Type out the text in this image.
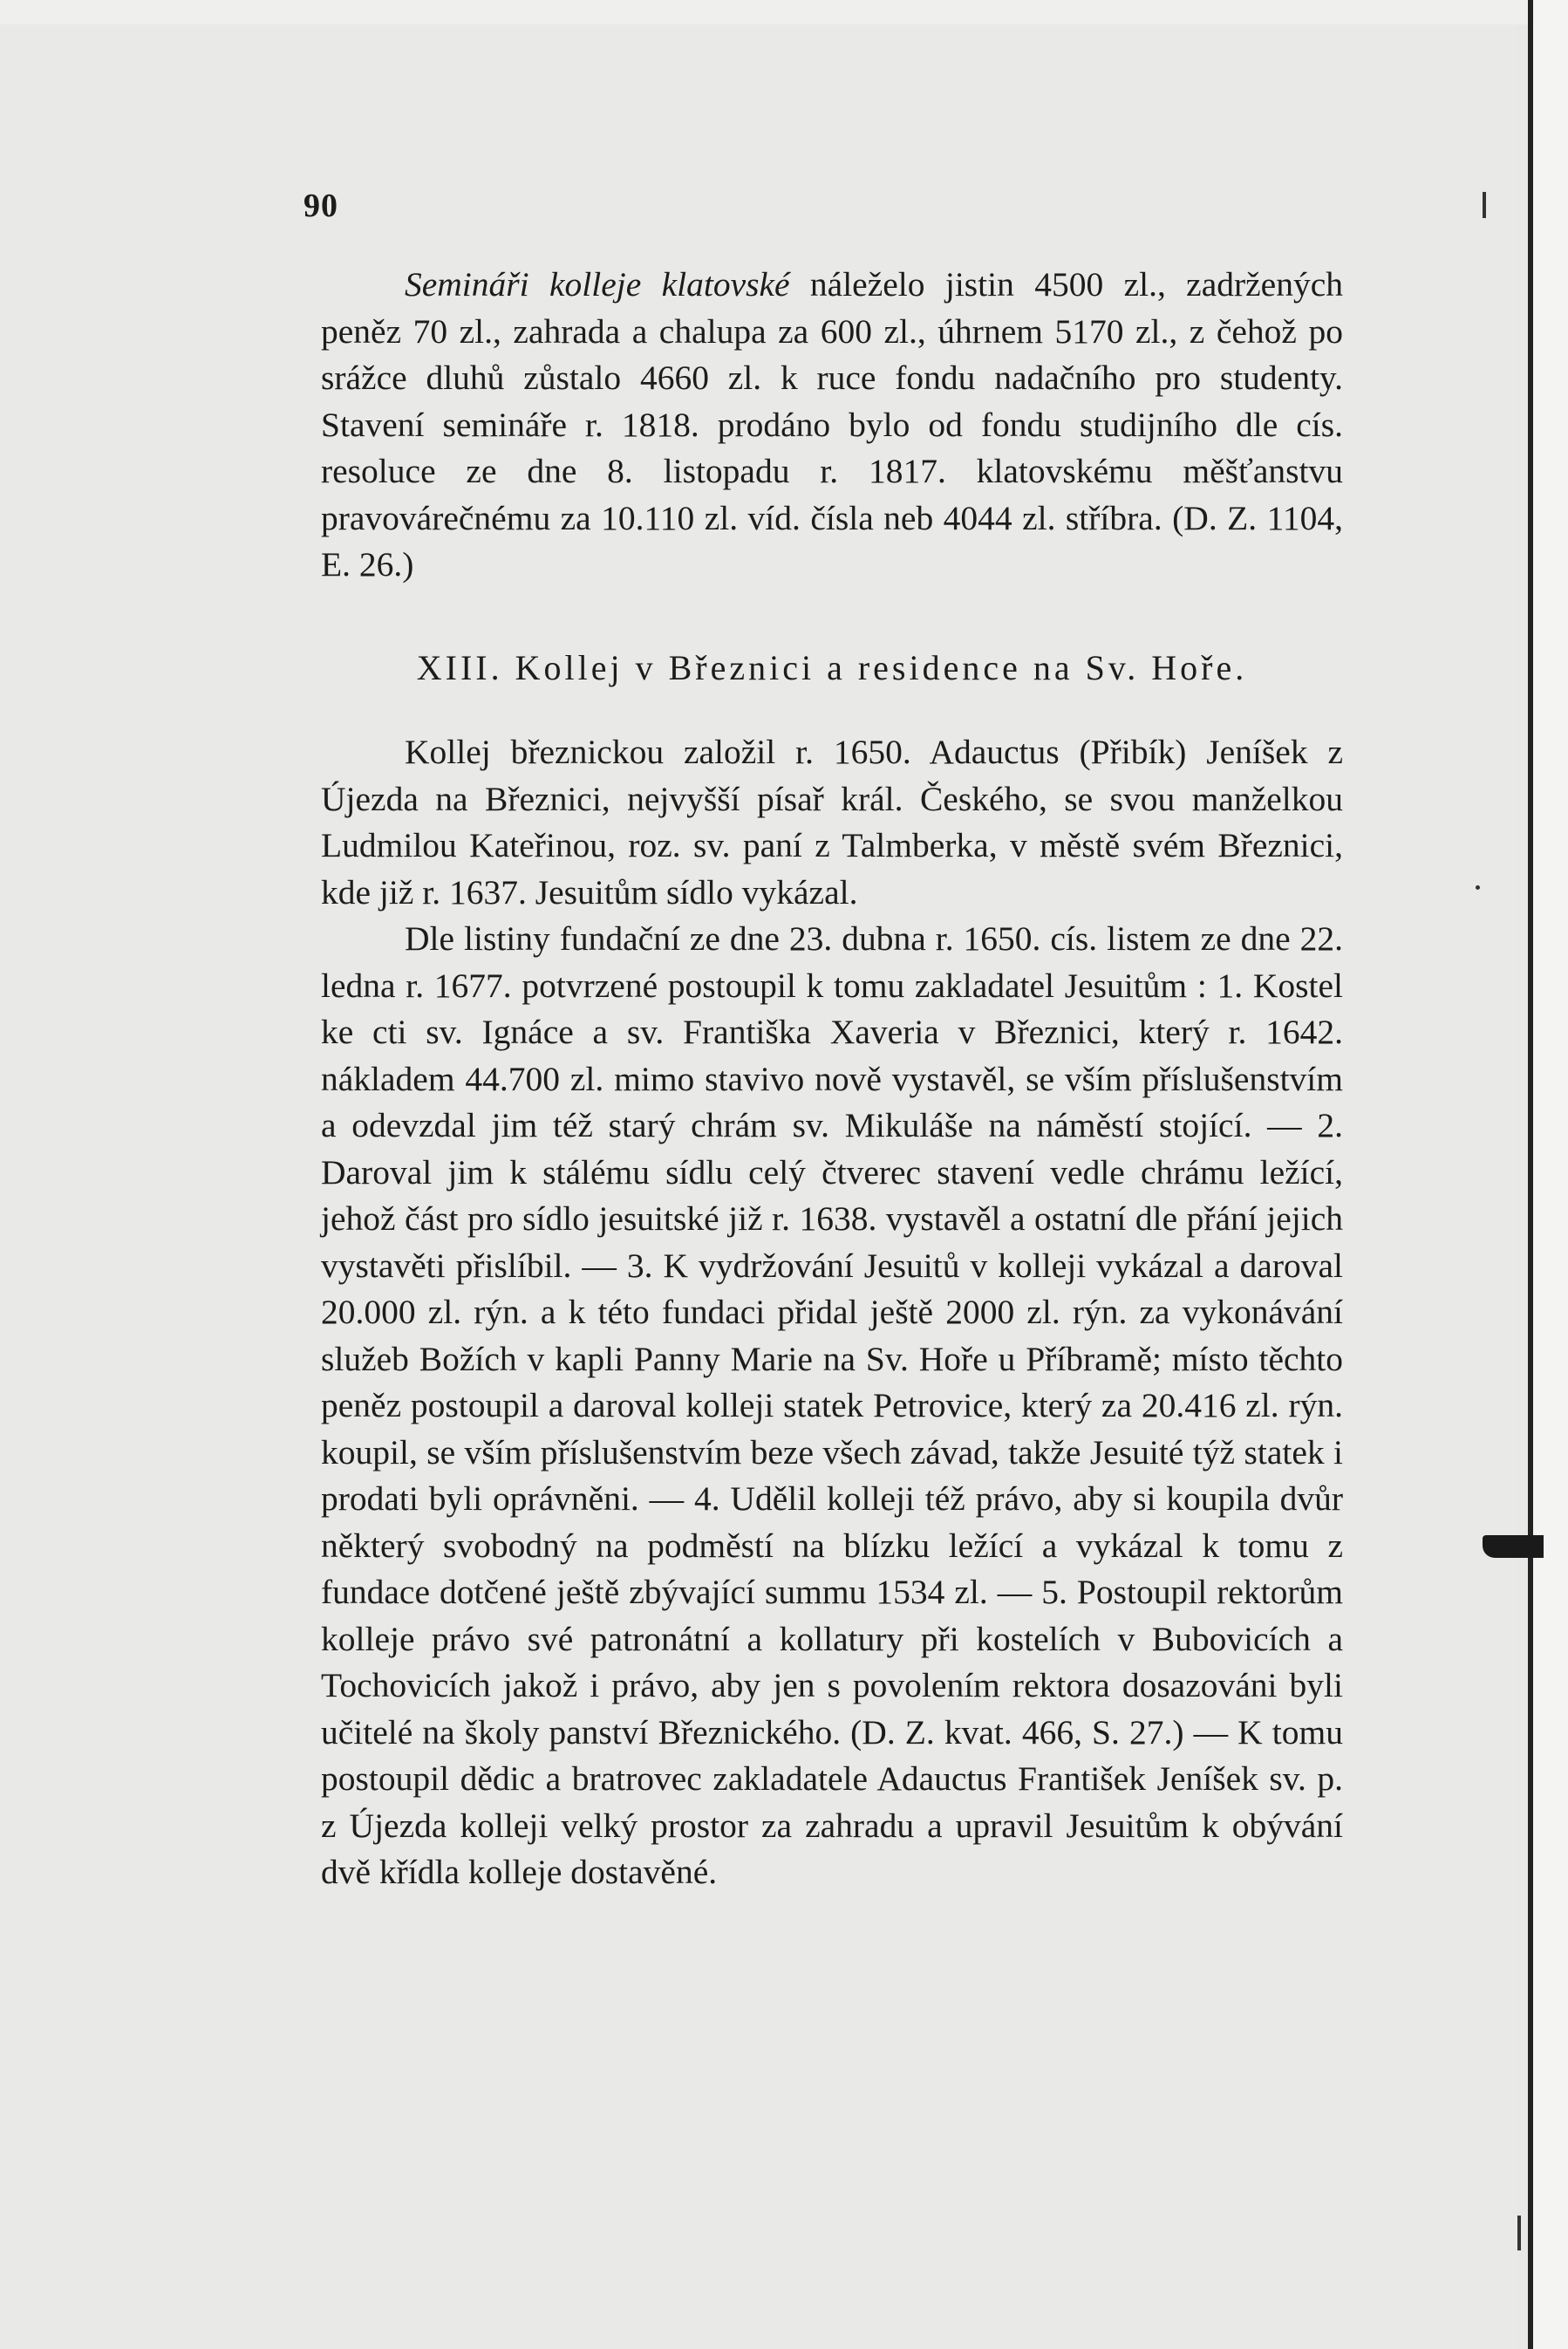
90

Semináři kolleje klatovské náleželo jistin 4500 zl., zadržených peněz 70 zl., zahrada a chalupa za 600 zl., úhrnem 5170 zl., z čehož po srážce dluhů zůstalo 4660 zl. k ruce fondu nadačního pro studenty. Stavení semináře r. 1818. prodáno bylo od fondu studijního dle cís. resoluce ze dne 8. listopadu r. 1817. klatovskému měšťanstvu pravovárečnému za 10.110 zl. víd. čísla neb 4044 zl. stříbra. (D. Z. 1104, E. 26.)

XIII. Kollej v Březnici a residence na Sv. Hoře.

Kollej březnickou založil r. 1650. Adauctus (Přibík) Jeníšek z Újezda na Březnici, nejvyšší písař král. Českého, se svou manželkou Ludmilou Kateřinou, roz. sv. paní z Talmberka, v městě svém Březnici, kde již r. 1637. Jesuitům sídlo vykázal.

Dle listiny fundační ze dne 23. dubna r. 1650. cís. listem ze dne 22. ledna r. 1677. potvrzené postoupil k tomu zakladatel Jesuitům : 1. Kostel ke cti sv. Ignáce a sv. Františka Xaveria v Březnici, který r. 1642. nákladem 44.700 zl. mimo stavivo nově vystavěl, se vším příslušenstvím a odevzdal jim též starý chrám sv. Mikuláše na náměstí stojící. — 2. Daroval jim k stálému sídlu celý čtverec stavení vedle chrámu ležící, jehož část pro sídlo jesuitské již r. 1638. vystavěl a ostatní dle přání jejich vystavěti přislíbil. — 3. K vydržování Jesuitů v kolleji vykázal a daroval 20.000 zl. rýn. a k této fundaci přidal ještě 2000 zl. rýn. za vykonávání služeb Božích v kapli Panny Marie na Sv. Hoře u Příbramě; místo těchto peněz postoupil a daroval kolleji statek Petrovice, který za 20.416 zl. rýn. koupil, se vším příslušenstvím beze všech závad, takže Jesuité týž statek i prodati byli oprávněni. — 4. Udělil kolleji též právo, aby si koupila dvůr některý svobodný na podměstí na blízku ležící a vykázal k tomu z fundace dotčené ještě zbývající summu 1534 zl. — 5. Postoupil rektorům kolleje právo své patronátní a kollatury při kostelích v Bubovicích a Tochovicích jakož i právo, aby jen s povolením rektora dosazováni byli učitelé na školy panství Březnického. (D. Z. kvat. 466, S. 27.) — K tomu postoupil dědic a bratrovec zakladatele Adauctus František Jeníšek sv. p. z Újezda kolleji velký prostor za zahradu a upravil Jesuitům k obývání dvě křídla kolleje dostavěné.
